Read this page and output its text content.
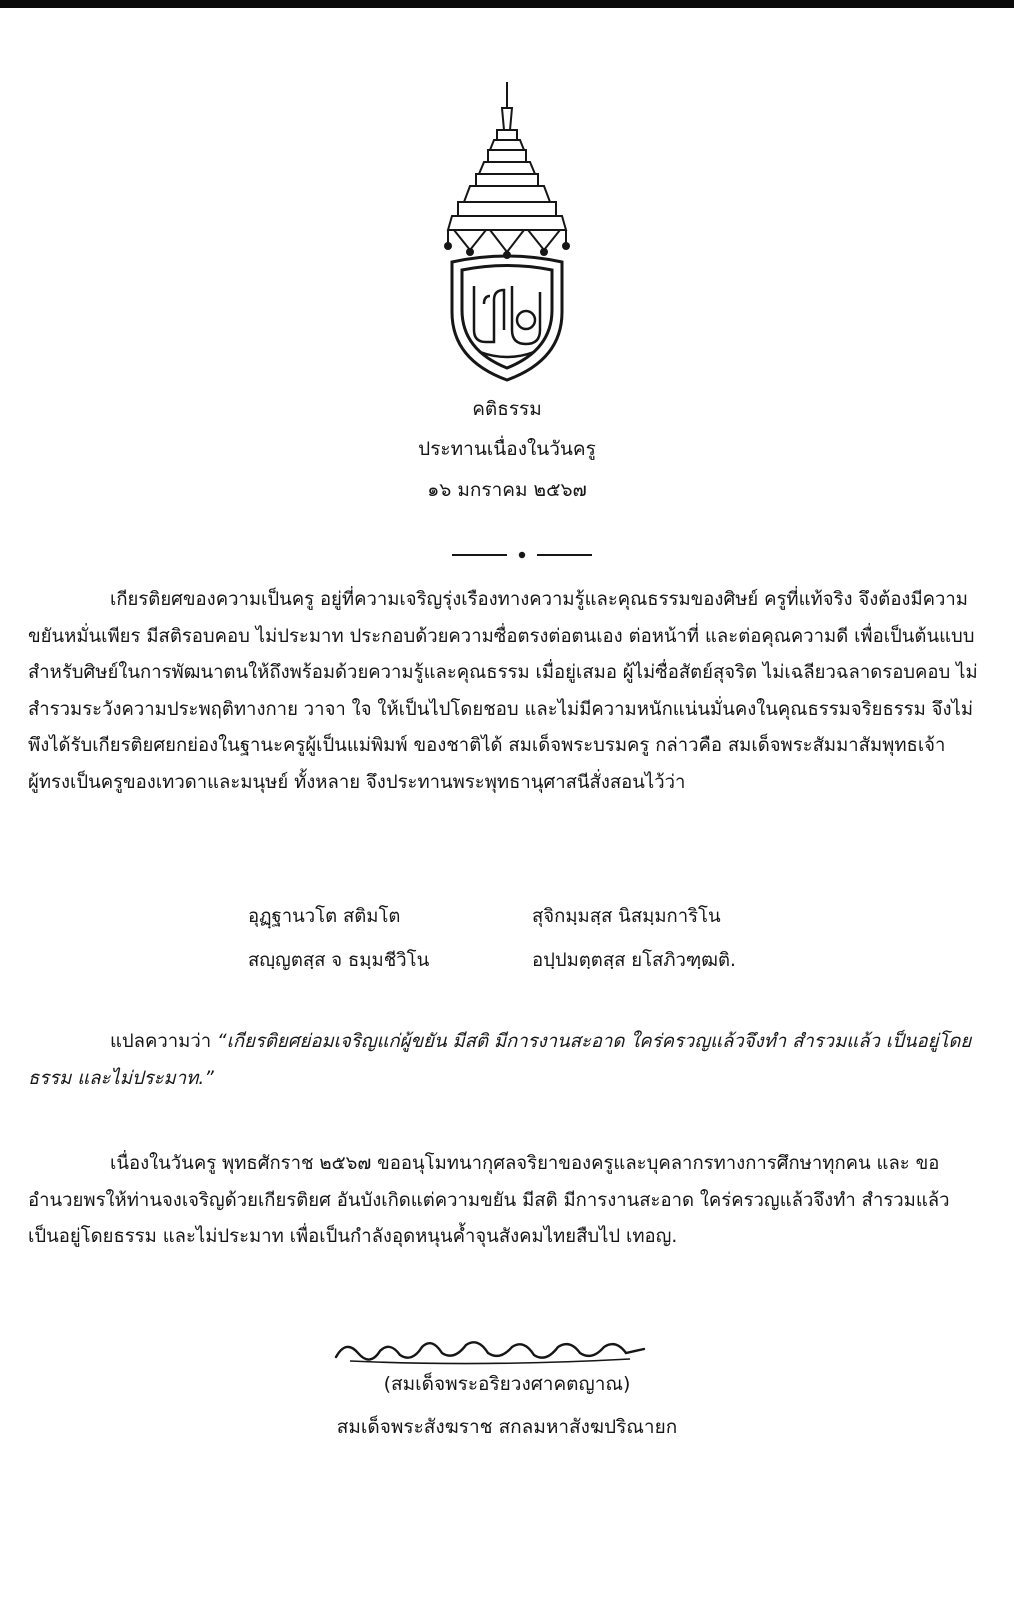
คติธรรม
ประทานเนื่องในวันครู
๑๖ มกราคม ๒๕๖๗

เกียรติยศของความเป็นครู อยู่ที่ความเจริญรุ่งเรืองทางความรู้และคุณธรรมของศิษย์ ครูที่แท้จริง จึงต้องมีความขยันหมั่นเพียร มีสติรอบคอบ ไม่ประมาท ประกอบด้วยความซื่อตรงต่อตนเอง ต่อหน้าที่ และต่อคุณความดี เพื่อเป็นต้นแบบสำหรับศิษย์ในการพัฒนาตนให้ถึงพร้อมด้วยความรู้และคุณธรรม เมื่อยู่เสมอ ผู้ไม่ซื่อสัตย์สุจริต ไม่เฉลียวฉลาดรอบคอบ ไม่สำรวมระวังความประพฤติทางกาย วาจา ใจ ให้เป็นไปโดยชอบ และไม่มีความหนักแน่นมั่นคงในคุณธรรมจริยธรรม จึงไม่พึงได้รับเกียรติยศยกย่องในฐานะครูผู้เป็นแม่พิมพ์ ของชาติได้ สมเด็จพระบรมครู กล่าวคือ สมเด็จพระสัมมาสัมพุทธเจ้า ผู้ทรงเป็นครูของเทวดาและมนุษย์ ทั้งหลาย จึงประทานพระพุทธานุศาสนีสั่งสอนไว้ว่า

อุฏฺฐานวโต สติมโต	สุจิกมฺมสฺส นิสมฺมการิโน
สญฺญตสฺส จ ธมฺมชีวิโน	อปฺปมตฺตสฺส ยโสภิวฑฺฒติ.

แปลความว่า “เกียรติยศย่อมเจริญแก่ผู้ขยัน มีสติ มีการงานสะอาด ใคร่ครวญแล้วจึงทำ สำรวมแล้ว เป็นอยู่โดยธรรม และไม่ประมาท.”

เนื่องในวันครู พุทธศักราช ๒๕๖๗ ขออนุโมทนากุศลจริยาของครูและบุคลากรทางการศึกษาทุกคน และ ขออำนวยพรให้ท่านจงเจริญด้วยเกียรติยศ อันบังเกิดแต่ความขยัน มีสติ มีการงานสะอาด ใคร่ครวญแล้วจึงทำ สำรวมแล้ว เป็นอยู่โดยธรรม และไม่ประมาท เพื่อเป็นกำลังอุดหนุนค้ำจุนสังคมไทยสืบไป เทอญ.

(สมเด็จพระอริยวงศาคตญาณ)
สมเด็จพระสังฆราช สกลมหาสังฆปริณายก
